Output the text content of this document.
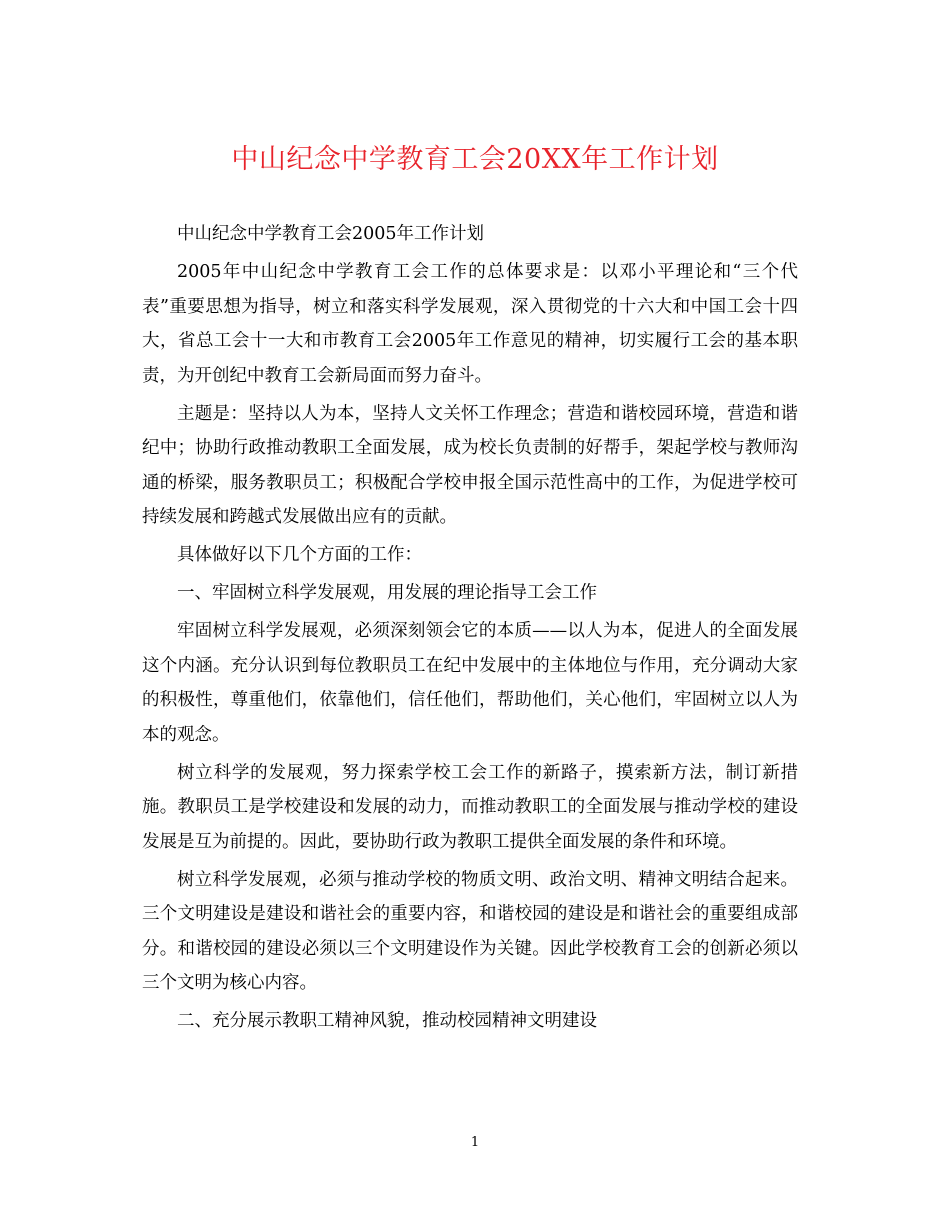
中山纪念中学教育工会20XX年工作计划

中山纪念中学教育工会2005年工作计划

2005年中山纪念中学教育工会工作的总体要求是：以邓小平理论和“三个代表”重要思想为指导，树立和落实科学发展观，深入贯彻党的十六大和中国工会十四大，省总工会十一大和市教育工会2005年工作意见的精神，切实履行工会的基本职责，为开创纪中教育工会新局面而努力奋斗。

主题是：坚持以人为本，坚持人文关怀工作理念；营造和谐校园环境，营造和谐纪中；协助行政推动教职工全面发展，成为校长负责制的好帮手，架起学校与教师沟通的桥梁，服务教职员工；积极配合学校申报全国示范性高中的工作，为促进学校可持续发展和跨越式发展做出应有的贡献。

具体做好以下几个方面的工作：

一、牢固树立科学发展观，用发展的理论指导工会工作

牢固树立科学发展观，必须深刻领会它的本质——以人为本，促进人的全面发展这个内涵。充分认识到每位教职员工在纪中发展中的主体地位与作用，充分调动大家的积极性，尊重他们，依靠他们，信任他们，帮助他们，关心他们，牢固树立以人为本的观念。

树立科学的发展观，努力探索学校工会工作的新路子，摸索新方法，制订新措施。教职员工是学校建设和发展的动力，而推动教职工的全面发展与推动学校的建设发展是互为前提的。因此，要协助行政为教职工提供全面发展的条件和环境。

树立科学发展观，必须与推动学校的物质文明、政治文明、精神文明结合起来。三个文明建设是建设和谐社会的重要内容，和谐校园的建设是和谐社会的重要组成部分。和谐校园的建设必须以三个文明建设作为关键。因此学校教育工会的创新必须以三个文明为核心内容。

二、充分展示教职工精神风貌，推动校园精神文明建设

1
